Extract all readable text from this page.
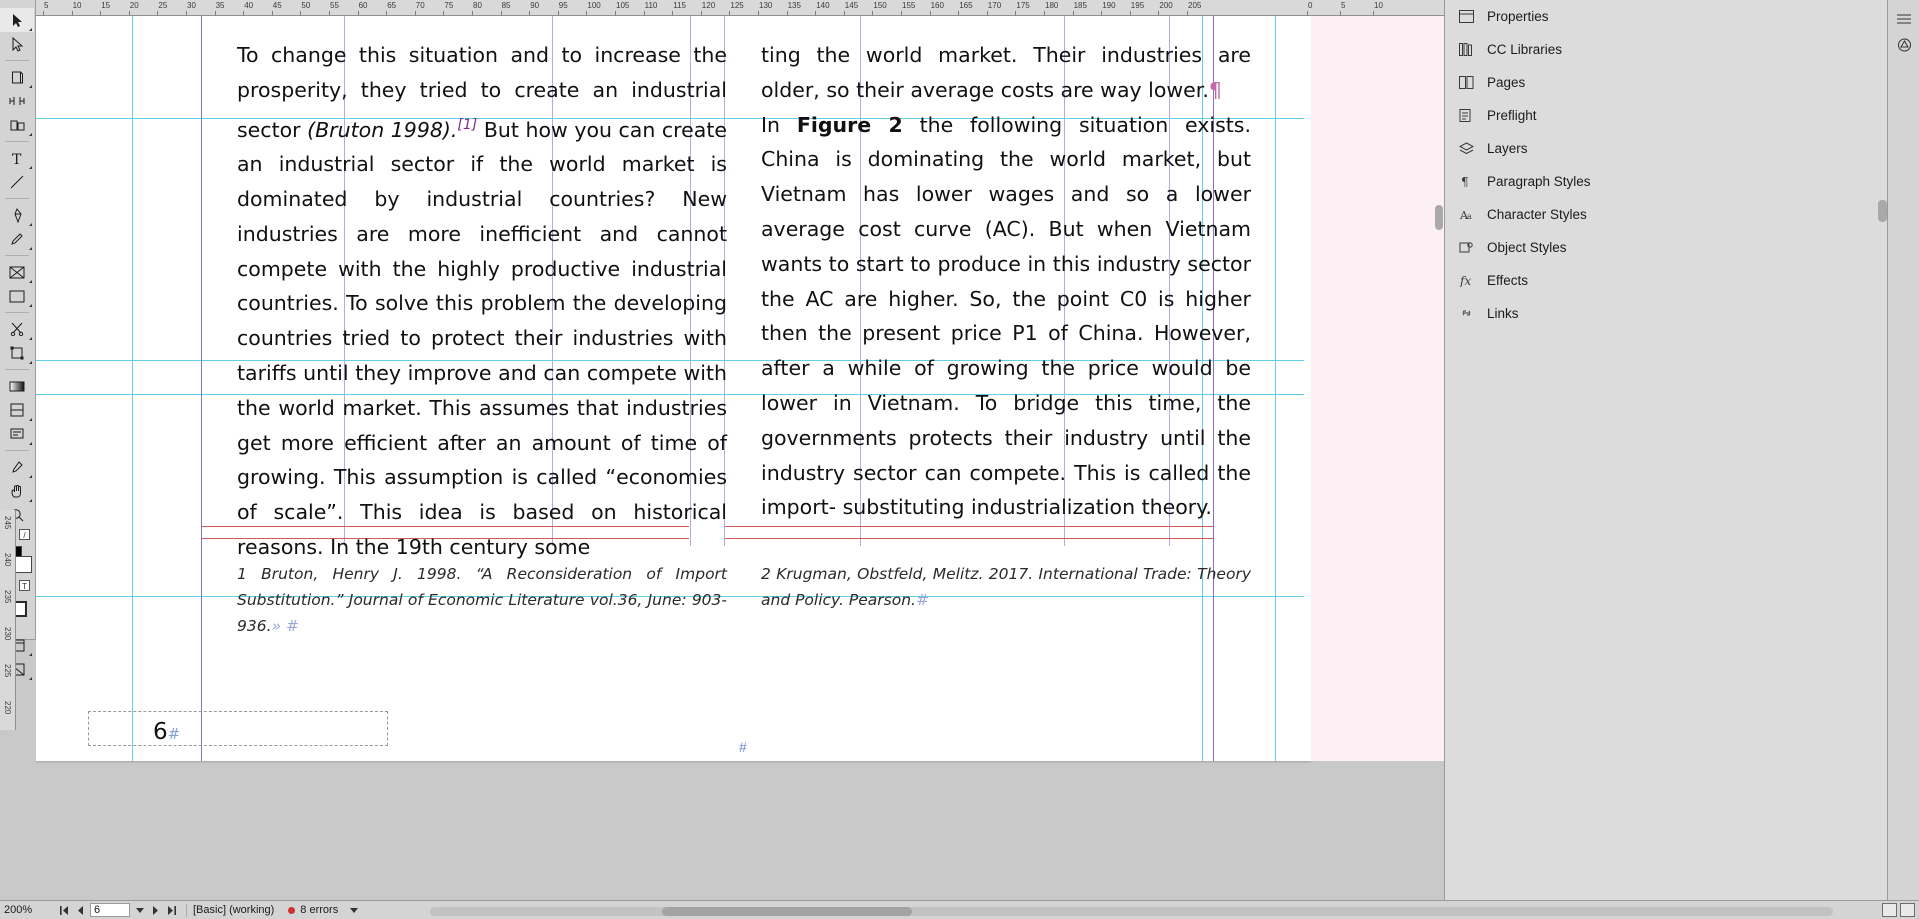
T
/
T
5	10 15 20 25 30 35 40 45 50 55 60 65 70 75 80 85 90 95 100 105 110 115 120 125 130 135 140 145 150 155 160 165 170 175 180 185 190 195 200 205	0	5	10
245
240
235
230
225
220
To change this situation and to increase the prosperity, they tried to create an industrial sector (Bruton 1998).[1] But how you can create an industrial sector if the world market is dominated by industrial countries? New industries are more inefficient and cannot compete with the highly productive industrial countries. To solve this problem the developing countries tried to protect their industries with tariffs until they improve and can compete with the world market. This assumes that industries get more efficient after an amount of time of growing. This assumption is called “economies of scale”. This idea is based on historical reasons. In the 19th century some
ting the world market. Their industries are older, so their average costs are way lower.¶
In Figure 2 the following situation exists. China is dominating the world market, but Vietnam has lower wages and so a lower average cost curve (AC). But when Vietnam wants to start to produce in this industry sector the AC are higher. So, the point C0 is higher then the present price P1 of China. However, after a while of growing the price would be lower in Vietnam. To bridge this time, the governments protects their industry until the industry sector can compete. This is called the import- substituting industrialization theory.
1 Bruton, Henry J. 1998. “A Reconsideration of Import Substitution.” Journal of Economic Literature vol.36, June: 903-936.» #
2 Krugman, Obstfeld, Melitz. 2017. International Trade: Theory and Policy. Pearson.#
6#
#
Properties
CC Libraries
Pages
Preflight
Layers
¶ Paragraph Styles
A a Character Styles
Object Styles
fx Effects
Links
200%	6	[Basic] (working) 8 errors
